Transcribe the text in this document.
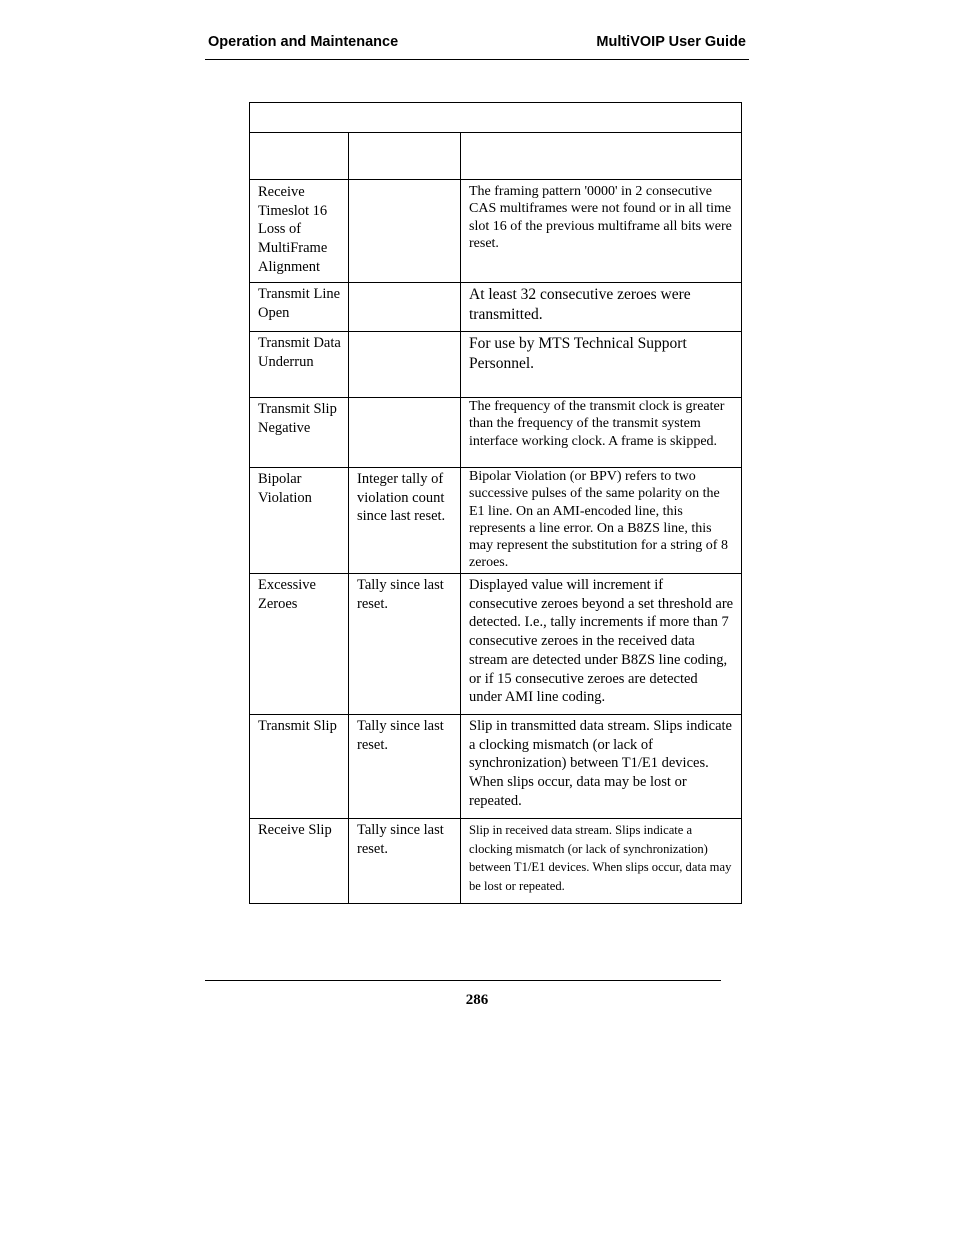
Operation and Maintenance	MultiVOIP User Guide

Receive Timeslot 16 Loss of MultiFrame Alignment		The framing pattern '0000' in 2 consecutive CAS multiframes were not found or in all time slot 16 of the previous multiframe all bits were reset.
Transmit Line Open		At least 32 consecutive zeroes were transmitted.
Transmit Data Underrun		For use by MTS Technical Support Personnel.
Transmit Slip Negative		The frequency of the transmit clock is greater than the frequency of the transmit system interface working clock. A frame is skipped.
Bipolar Violation	Integer tally of violation count since last reset.	Bipolar Violation (or BPV) refers to two successive pulses of the same polarity on the E1 line. On an AMI-encoded line, this represents a line error. On a B8ZS line, this may represent the substitution for a string of 8 zeroes.
Excessive Zeroes	Tally since last reset.	Displayed value will increment if consecutive zeroes beyond a set threshold are detected. I.e., tally increments if more than 7 consecutive zeroes in the received data stream are detected under B8ZS line coding, or if 15 consecutive zeroes are detected under AMI line coding.
Transmit Slip	Tally since last reset.	Slip in transmitted data stream. Slips indicate a clocking mismatch (or lack of synchronization) between T1/E1 devices. When slips occur, data may be lost or repeated.
Receive Slip	Tally since last reset.	Slip in received data stream. Slips indicate a clocking mismatch (or lack of synchronization) between T1/E1 devices. When slips occur, data may be lost or repeated.
286
